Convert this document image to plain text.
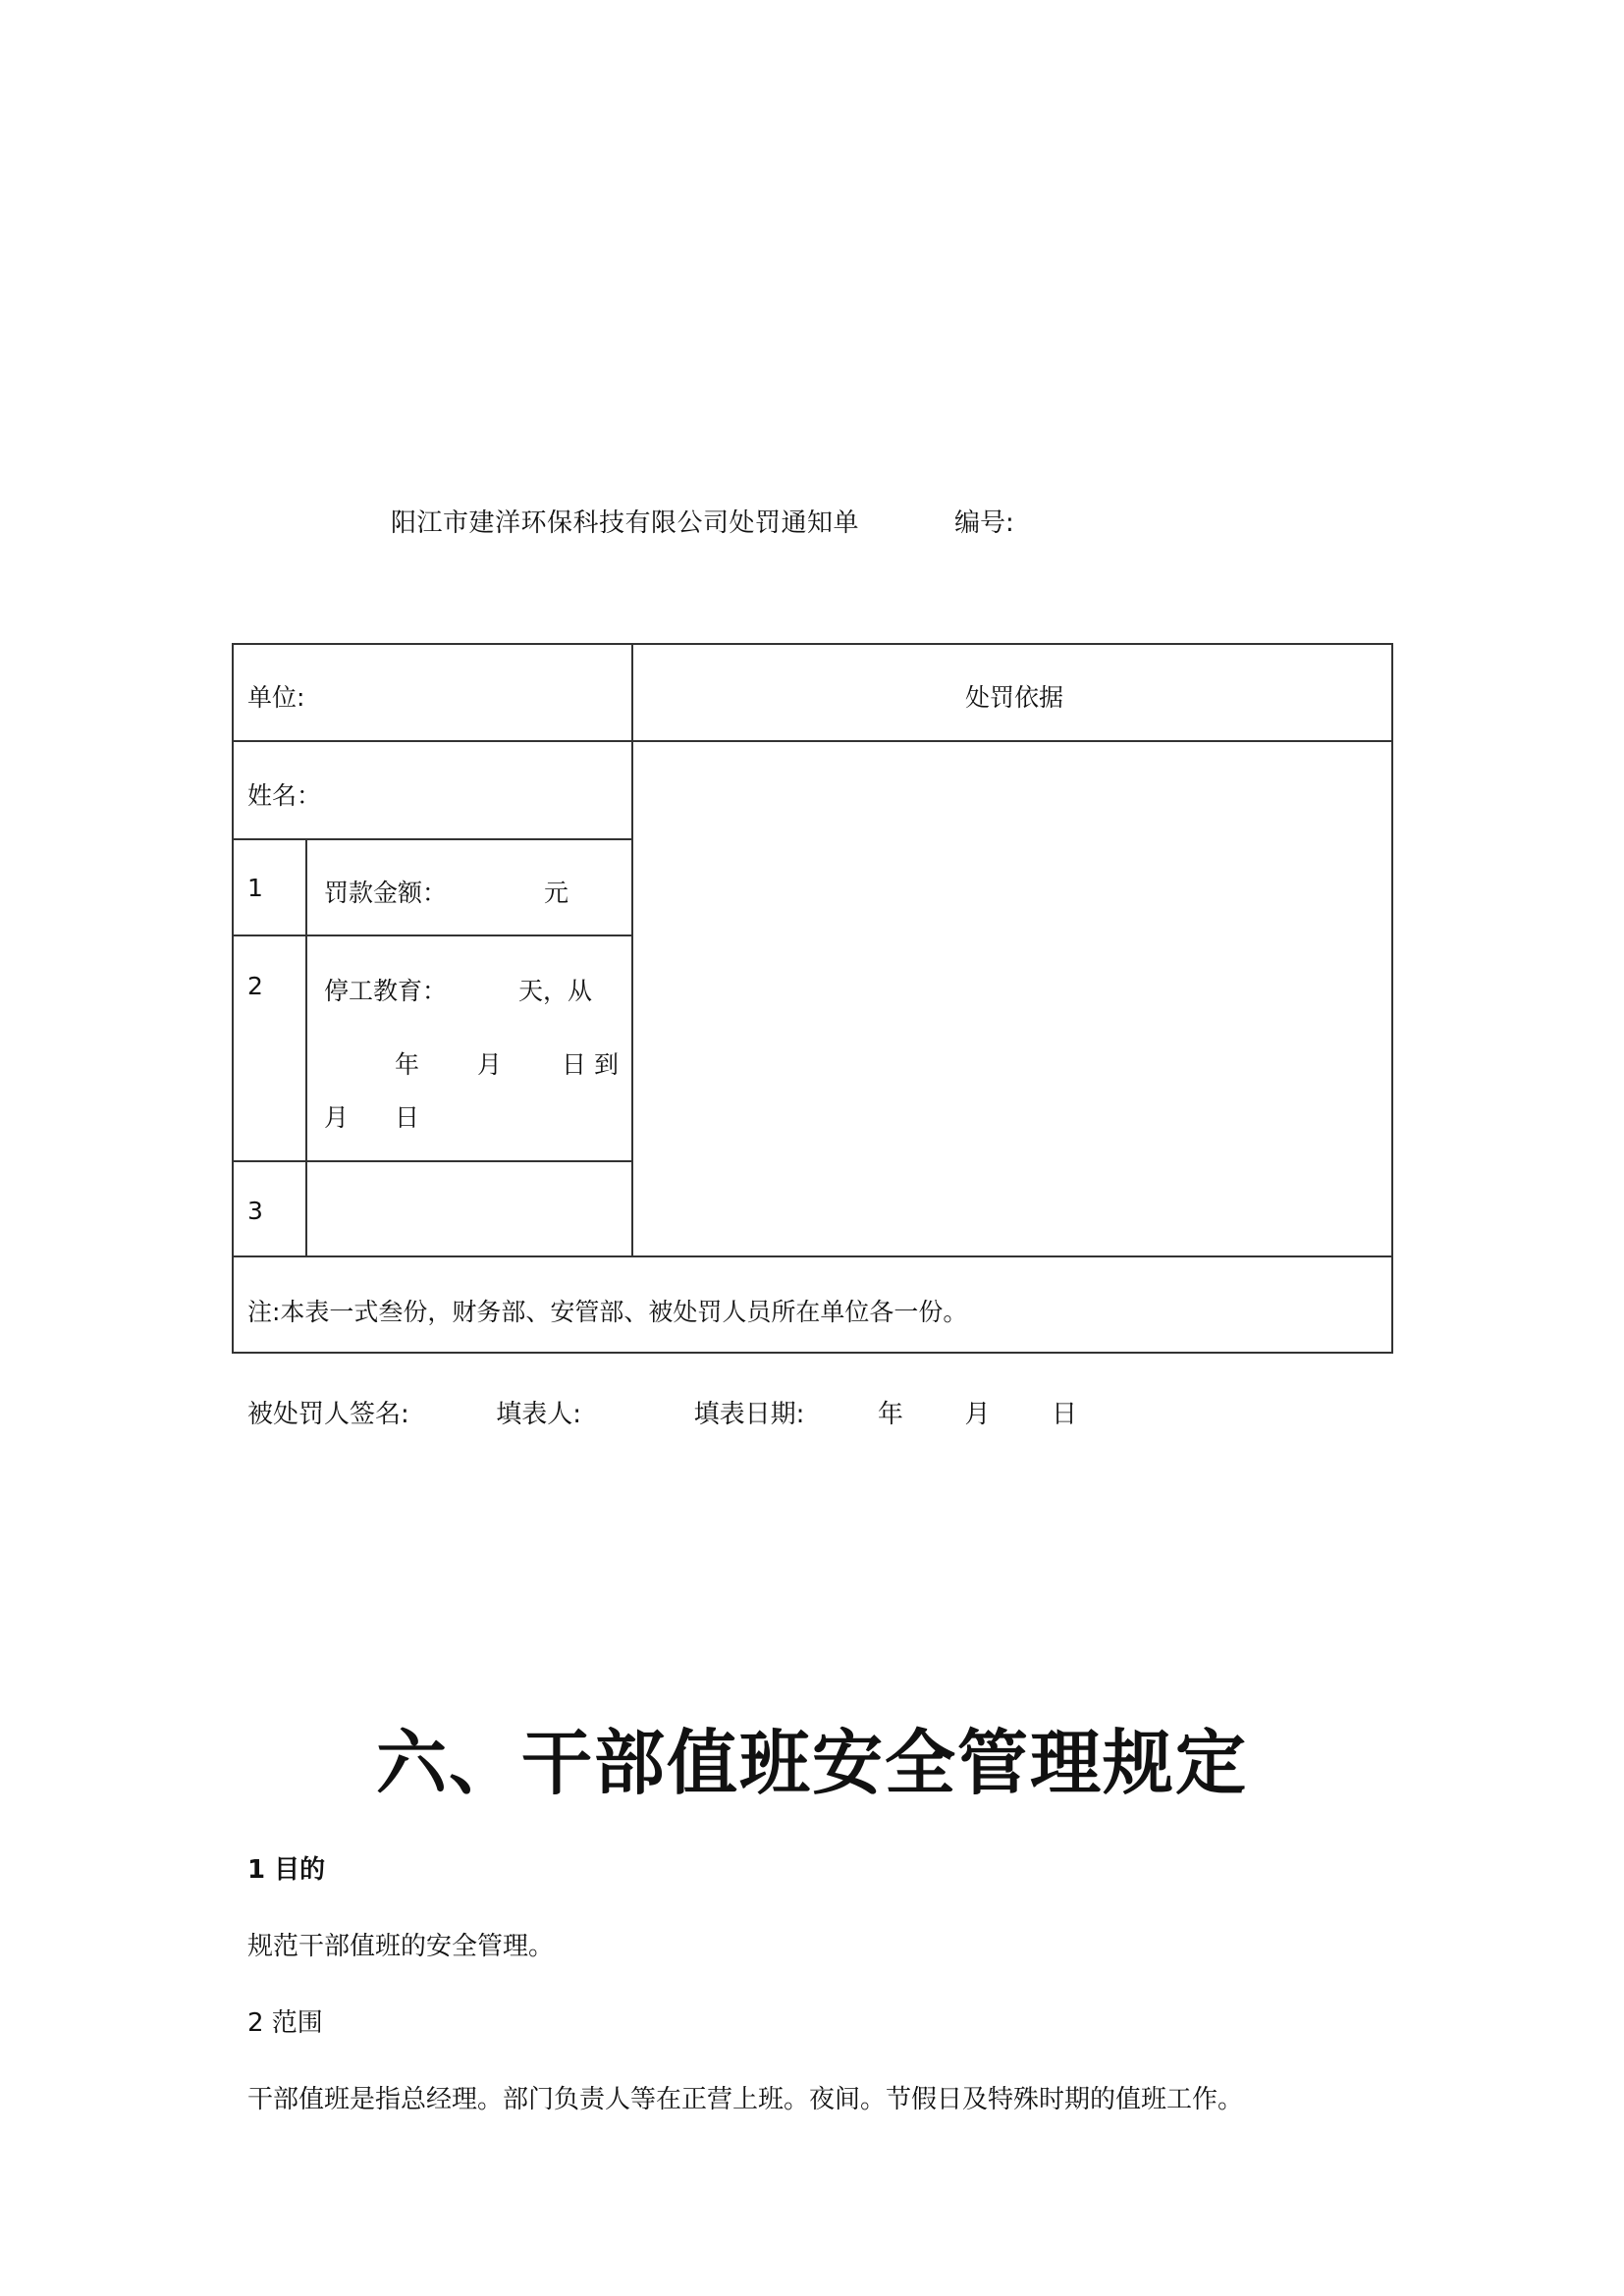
阳江市建洋环保科技有限公司处罚通知单	编号:
单位:	处罚依据
姓名：
1 罚款金额：	元
2 停工教育：	天，从
年 月 日 到
月 日
3
注:本表一式叁份，财务部、安管部、被处罚人员所在单位各一份。
被处罚人签名:	填表人:	填表日期:	年 月 日
六、干部值班安全管理规定
1 目的
规范干部值班的安全管理。
2 范围
干部值班是指总经理。部门负责人等在正营上班。夜间。节假日及特殊时期的值班工作。
